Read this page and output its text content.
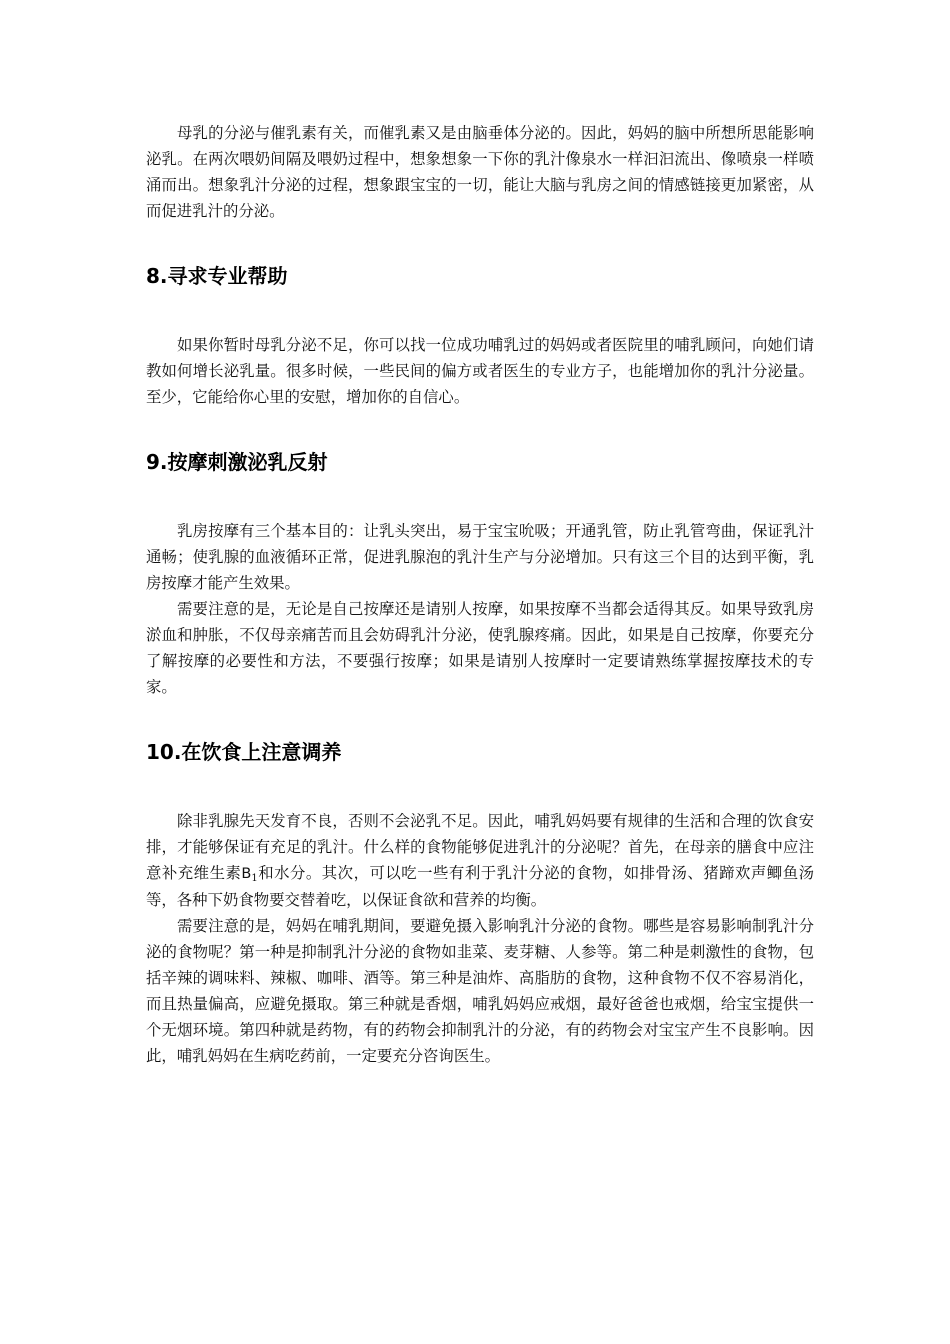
母乳的分泌与催乳素有关，而催乳素又是由脑垂体分泌的。因此，妈妈的脑中所想所思能影响泌乳。在两次喂奶间隔及喂奶过程中，想象想象一下你的乳汁像泉水一样汩汩流出、像喷泉一样喷涌而出。想象乳汁分泌的过程，想象跟宝宝的一切，能让大脑与乳房之间的情感链接更加紧密，从而促进乳汁的分泌。

8.寻求专业帮助

如果你暂时母乳分泌不足，你可以找一位成功哺乳过的妈妈或者医院里的哺乳顾问，向她们请教如何增长泌乳量。很多时候，一些民间的偏方或者医生的专业方子，也能增加你的乳汁分泌量。至少，它能给你心里的安慰，增加你的自信心。

9.按摩刺激泌乳反射

乳房按摩有三个基本目的：让乳头突出，易于宝宝吮吸；开通乳管，防止乳管弯曲，保证乳汁通畅；使乳腺的血液循环正常，促进乳腺泡的乳汁生产与分泌增加。只有这三个目的达到平衡，乳房按摩才能产生效果。

需要注意的是，无论是自己按摩还是请别人按摩，如果按摩不当都会适得其反。如果导致乳房淤血和肿胀，不仅母亲痛苦而且会妨碍乳汁分泌，使乳腺疼痛。因此，如果是自己按摩，你要充分了解按摩的必要性和方法，不要强行按摩；如果是请别人按摩时一定要请熟练掌握按摩技术的专家。

10.在饮食上注意调养

除非乳腺先天发育不良，否则不会泌乳不足。因此，哺乳妈妈要有规律的生活和合理的饮食安排，才能够保证有充足的乳汁。什么样的食物能够促进乳汁的分泌呢？首先，在母亲的膳食中应注意补充维生素$B_1$和水分。其次，可以吃一些有利于乳汁分泌的食物，如排骨汤、猪蹄欢声鲫鱼汤等，各种下奶食物要交替着吃，以保证食欲和营养的均衡。

需要注意的是，妈妈在哺乳期间，要避免摄入影响乳汁分泌的食物。哪些是容易影响制乳汁分泌的食物呢？第一种是抑制乳汁分泌的食物如韭菜、麦芽糖、人参等。第二种是刺激性的食物，包括辛辣的调味料、辣椒、咖啡、酒等。第三种是油炸、高脂肪的食物，这种食物不仅不容易消化，而且热量偏高，应避免摄取。第三种就是香烟，哺乳妈妈应戒烟，最好爸爸也戒烟，给宝宝提供一个无烟环境。第四种就是药物，有的药物会抑制乳汁的分泌，有的药物会对宝宝产生不良影响。因此，哺乳妈妈在生病吃药前，一定要充分咨询医生。
